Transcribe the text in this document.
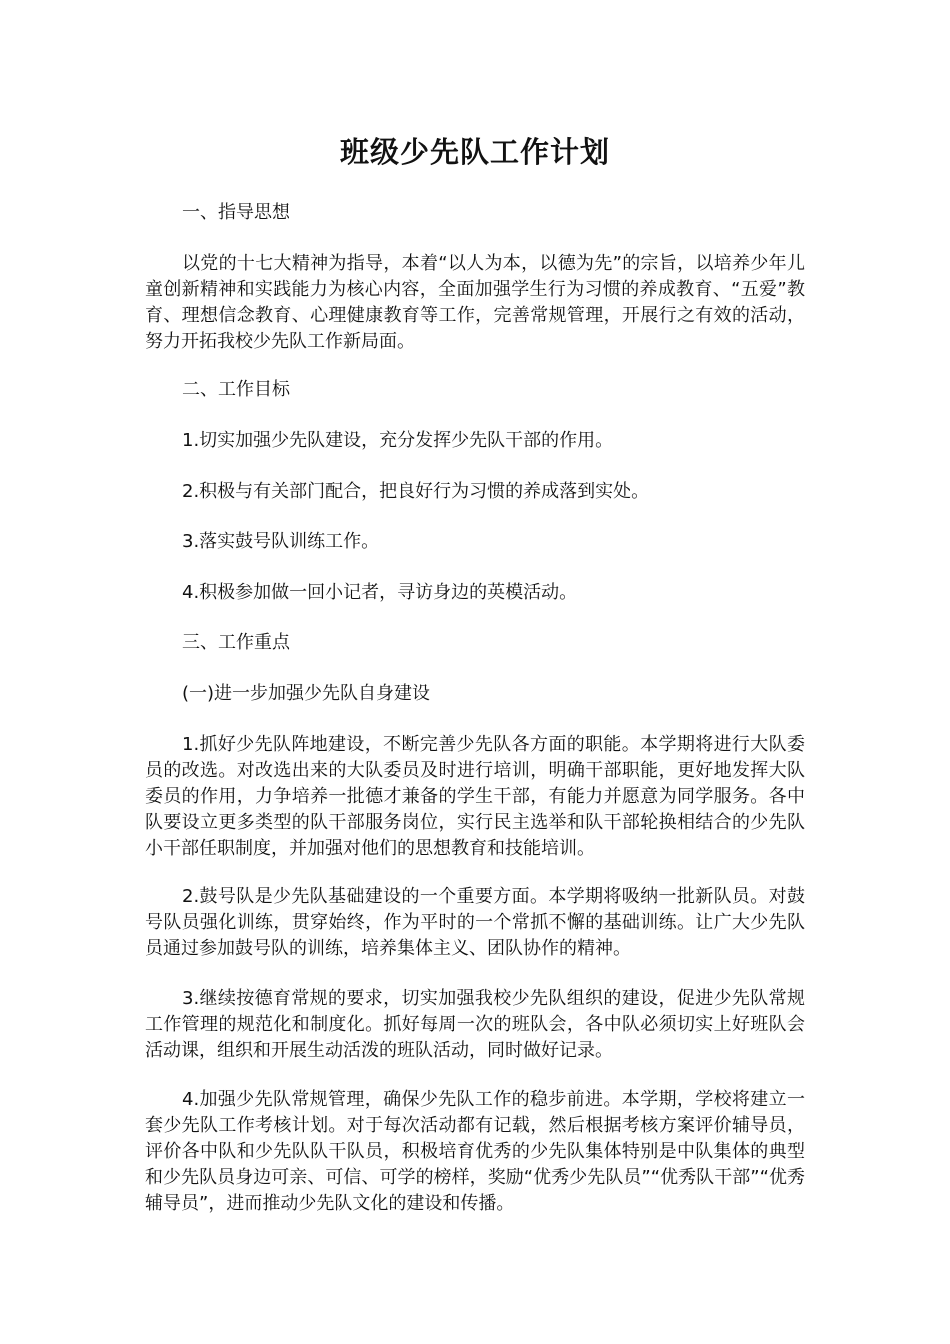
班级少先队工作计划
一、指导思想
以党的十七大精神为指导，本着“以人为本，以德为先”的宗旨，以培养少年儿童创新精神和实践能力为核心内容，全面加强学生行为习惯的养成教育、“五爱”教育、理想信念教育、心理健康教育等工作，完善常规管理，开展行之有效的活动，努力开拓我校少先队工作新局面。
二、工作目标
1.切实加强少先队建设，充分发挥少先队干部的作用。
2.积极与有关部门配合，把良好行为习惯的养成落到实处。
3.落实鼓号队训练工作。
4.积极参加做一回小记者，寻访身边的英模活动。
三、工作重点
(一)进一步加强少先队自身建设
1.抓好少先队阵地建设，不断完善少先队各方面的职能。本学期将进行大队委员的改选。对改选出来的大队委员及时进行培训，明确干部职能，更好地发挥大队委员的作用，力争培养一批德才兼备的学生干部，有能力并愿意为同学服务。各中队要设立更多类型的队干部服务岗位，实行民主选举和队干部轮换相结合的少先队小干部任职制度，并加强对他们的思想教育和技能培训。
2.鼓号队是少先队基础建设的一个重要方面。本学期将吸纳一批新队员。对鼓号队员强化训练，贯穿始终，作为平时的一个常抓不懈的基础训练。让广大少先队员通过参加鼓号队的训练，培养集体主义、团队协作的精神。
3.继续按德育常规的要求，切实加强我校少先队组织的建设，促进少先队常规工作管理的规范化和制度化。抓好每周一次的班队会，各中队必须切实上好班队会活动课，组织和开展生动活泼的班队活动，同时做好记录。
4.加强少先队常规管理，确保少先队工作的稳步前进。本学期，学校将建立一套少先队工作考核计划。对于每次活动都有记载，然后根据考核方案评价辅导员，评价各中队和少先队队干队员，积极培育优秀的少先队集体特别是中队集体的典型和少先队员身边可亲、可信、可学的榜样，奖励“优秀少先队员”“优秀队干部”“优秀辅导员”，进而推动少先队文化的建设和传播。
